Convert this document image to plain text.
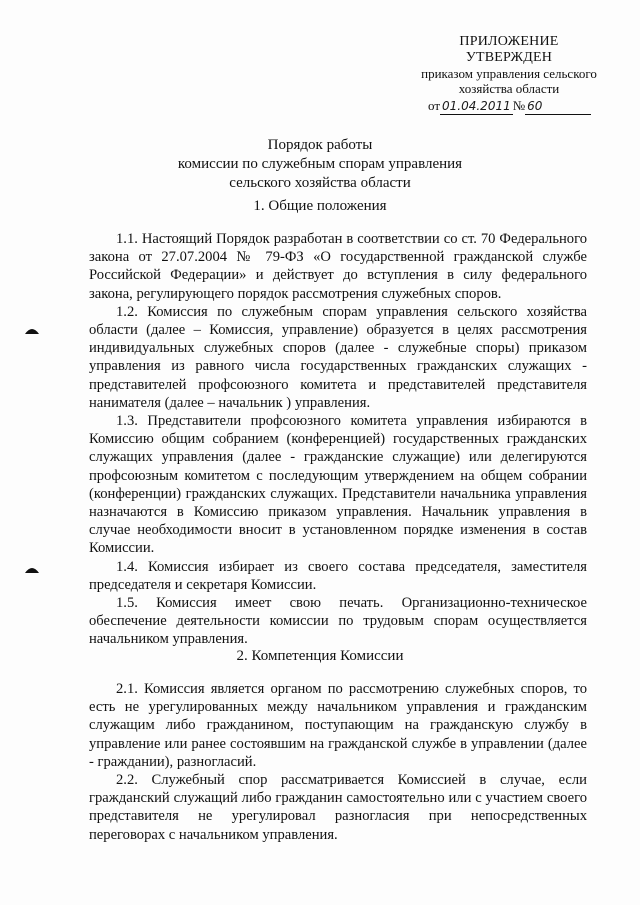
ПРИЛОЖЕНИЕ
УТВЕРЖДЕН
приказом управления сельского
хозяйства области
от 01.04.2011 № 60
Порядок работы
комиссии по служебным спорам управления
сельского хозяйства области
1. Общие положения

1.1. Настоящий Порядок разработан в соответствии со ст. 70 Федерального закона от 27.07.2004 № 79-ФЗ «О государственной гражданской службе Российской Федерации» и действует до вступления в силу федерального закона, регулирующего порядок рассмотрения служебных споров.

1.2. Комиссия по служебным спорам управления сельского хозяйства области (далее – Комиссия, управление) образуется в целях рассмотрения индивидуальных служебных споров (далее - служебные споры) приказом управления из равного числа государственных гражданских служащих - представителей профсоюзного комитета и представителей представителя нанимателя (далее – начальник ) управления.

1.3. Представители профсоюзного комитета управления избираются в Комиссию общим собранием (конференцией) государственных гражданских служащих управления (далее - гражданские служащие) или делегируются профсоюзным комитетом с последующим утверждением на общем собрании (конференции) гражданских служащих. Представители начальника управления назначаются в Комиссию приказом управления. Начальник управления в случае необходимости вносит в установленном порядке изменения в состав Комиссии.

1.4. Комиссия избирает из своего состава председателя, заместителя председателя и секретаря Комиссии.

1.5. Комиссия имеет свою печать. Организационно-техническое обеспечение деятельности комиссии по трудовым спорам осуществляется начальником управления.

2. Компетенция Комиссии

2.1. Комиссия является органом по рассмотрению служебных споров, то есть не урегулированных между начальником управления и гражданским служащим либо гражданином, поступающим на гражданскую службу в управление или ранее состоявшим на гражданской службе в управлении (далее - граждании), разногласий.

2.2. Служебный спор рассматривается Комиссией в случае, если гражданский служащий либо гражданин самостоятельно или с участием своего представителя не урегулировал разногласия при непосредственных переговорах с начальником управления.
